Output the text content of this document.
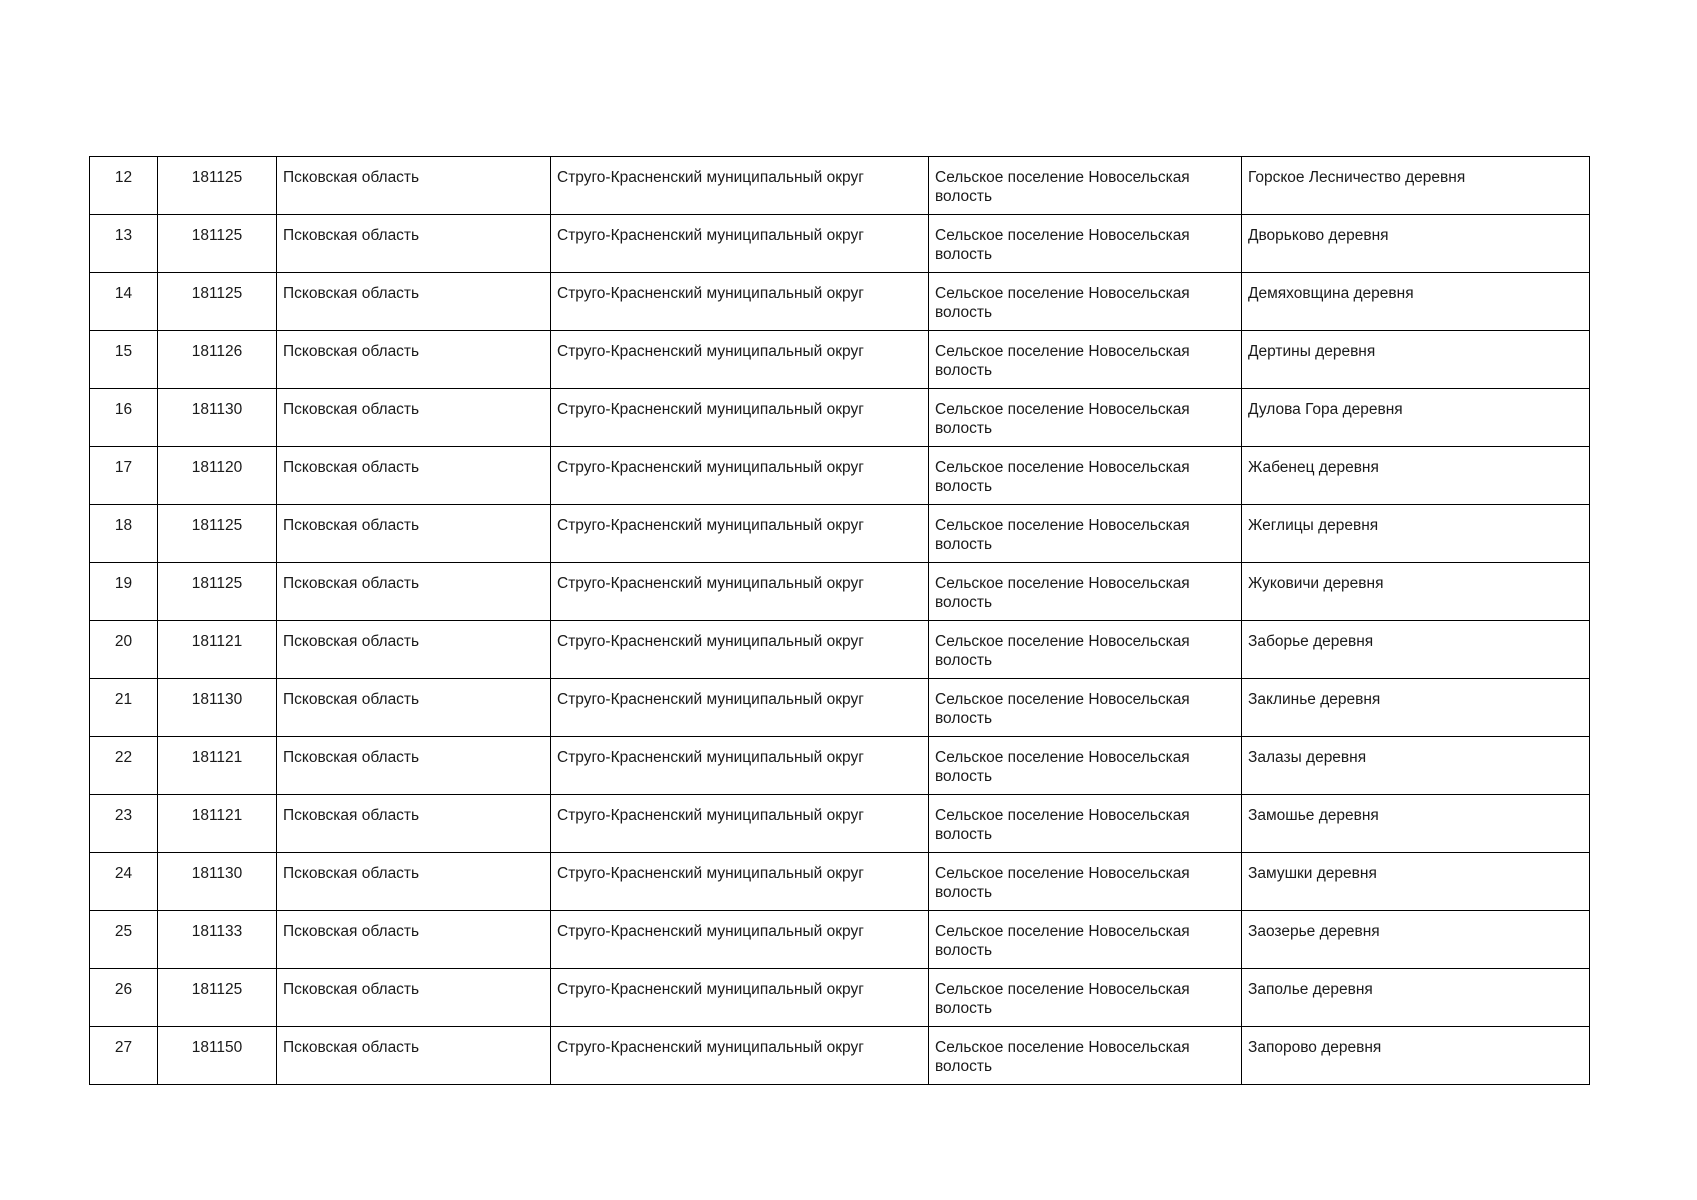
12	181125	Псковская область	Струго-Красненский муниципальный округ	Сельское поселение Новосельская волость	Горское Лесничество деревня
13	181125	Псковская область	Струго-Красненский муниципальный округ	Сельское поселение Новосельская волость	Дворьково деревня
14	181125	Псковская область	Струго-Красненский муниципальный округ	Сельское поселение Новосельская волость	Демяховщина деревня
15	181126	Псковская область	Струго-Красненский муниципальный округ	Сельское поселение Новосельская волость	Дертины деревня
16	181130	Псковская область	Струго-Красненский муниципальный округ	Сельское поселение Новосельская волость	Дулова Гора деревня
17	181120	Псковская область	Струго-Красненский муниципальный округ	Сельское поселение Новосельская волость	Жабенец деревня
18	181125	Псковская область	Струго-Красненский муниципальный округ	Сельское поселение Новосельская волость	Жеглицы деревня
19	181125	Псковская область	Струго-Красненский муниципальный округ	Сельское поселение Новосельская волость	Жуковичи деревня
20	181121	Псковская область	Струго-Красненский муниципальный округ	Сельское поселение Новосельская волость	Заборье деревня
21	181130	Псковская область	Струго-Красненский муниципальный округ	Сельское поселение Новосельская волость	Заклинье деревня
22	181121	Псковская область	Струго-Красненский муниципальный округ	Сельское поселение Новосельская волость	Залазы деревня
23	181121	Псковская область	Струго-Красненский муниципальный округ	Сельское поселение Новосельская волость	Замошье деревня
24	181130	Псковская область	Струго-Красненский муниципальный округ	Сельское поселение Новосельская волость	Замушки деревня
25	181133	Псковская область	Струго-Красненский муниципальный округ	Сельское поселение Новосельская волость	Заозерье деревня
26	181125	Псковская область	Струго-Красненский муниципальный округ	Сельское поселение Новосельская волость	Заполье деревня
27	181150	Псковская область	Струго-Красненский муниципальный округ	Сельское поселение Новосельская волость	Запорово деревня
